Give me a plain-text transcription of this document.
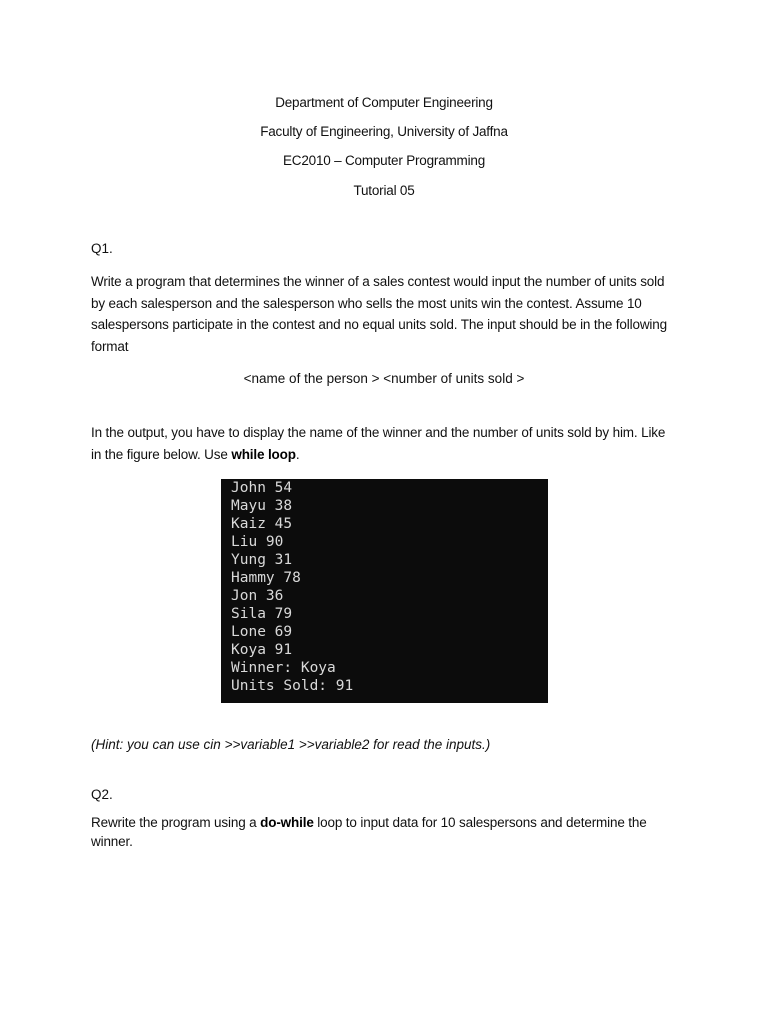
Department of Computer Engineering
Faculty of Engineering, University of Jaffna
EC2010 – Computer Programming
Tutorial 05
Q1.
Write a program that determines the winner of a sales contest would input the number of units sold by each salesperson and the salesperson who sells the most units win the contest. Assume 10 salespersons participate in the contest and no equal units sold. The input should be in the following format
<name of the person > <number of units sold >
In the output, you have to display the name of the winner and the number of units sold by him. Like in the figure below. Use while loop.
John 54
Mayu 38
Kaiz 45
Liu 90
Yung 31
Hammy 78
Jon 36
Sila 79
Lone 69
Koya 91
Winner: Koya
Units Sold: 91
(Hint: you can use cin >>variable1 >>variable2 for read the inputs.)
Q2.
Rewrite the program using a do-while loop to input data for 10 salespersons and determine the winner.
